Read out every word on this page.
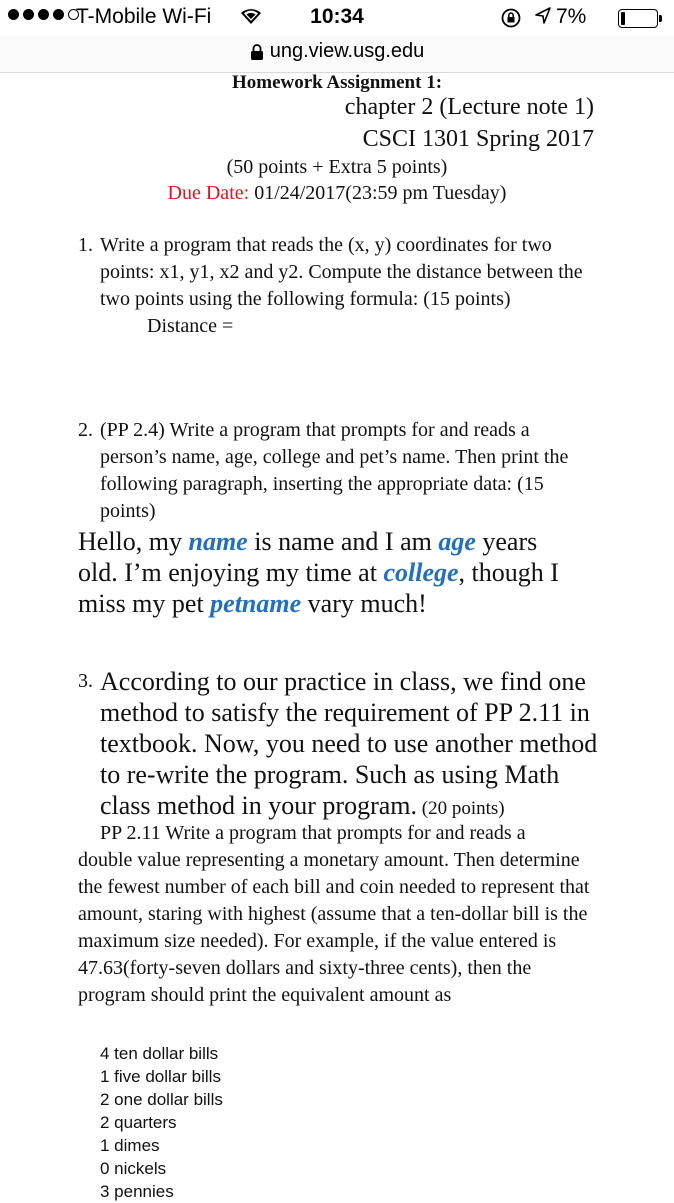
T-Mobile Wi-Fi	10:34	7%
ung.view.usg.edu
Homework Assignment 1:
chapter 2 (Lecture note 1)
CSCI 1301 Spring 2017
(50 points + Extra 5 points)
Due Date: 01/24/2017(23:59 pm Tuesday)
1. Write a program that reads the (x, y) coordinates for two points: x1, y1, x2 and y2. Compute the distance between the two points using the following formula: (15 points)
Distance =
2. (PP 2.4) Write a program that prompts for and reads a person’s name, age, college and pet’s name. Then print the following paragraph, inserting the appropriate data: (15 points)
Hello, my name is name and I am age years old. I’m enjoying my time at college, though I miss my pet petname vary much!
3. According to our practice in class, we find one method to satisfy the requirement of PP 2.11 in textbook. Now, you need to use another method to re-write the program. Such as using Math class method in your program. (20 points)
PP 2.11 Write a program that prompts for and reads a
double value representing a monetary amount. Then determine the fewest number of each bill and coin needed to represent that amount, staring with highest (assume that a ten-dollar bill is the maximum size needed). For example, if the value entered is 47.63(forty-seven dollars and sixty-three cents), then the program should print the equivalent amount as
4 ten dollar bills
1 five dollar bills
2 one dollar bills
2 quarters
1 dimes
0 nickels
3 pennies
